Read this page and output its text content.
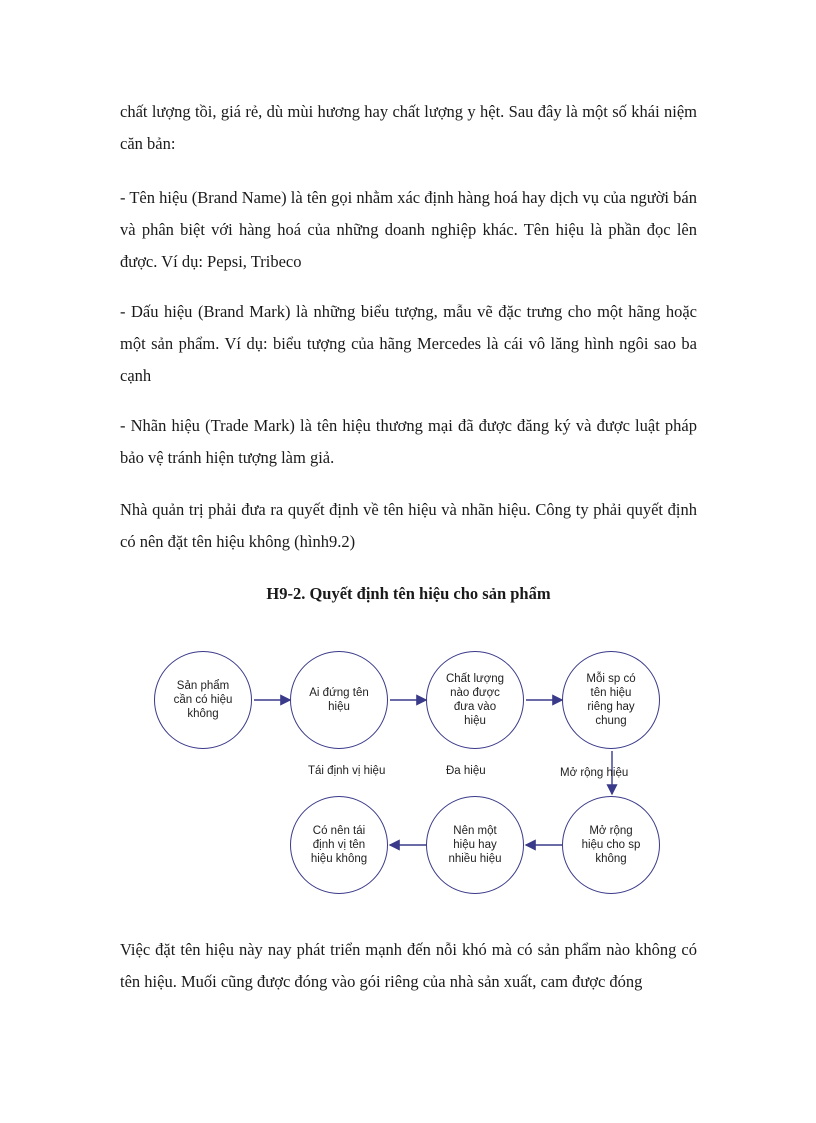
chất lượng tồi, giá rẻ, dù mùi hương hay chất lượng y hệt. Sau đây là một số khái niệm căn bản:

- Tên hiệu (Brand Name) là tên gọi nhằm xác định hàng hoá hay dịch vụ của người bán và phân biệt với hàng hoá của những doanh nghiệp khác. Tên hiệu là phần đọc lên được. Ví dụ: Pepsi, Tribeco

- Dấu hiệu (Brand Mark) là những biểu tượng, mẫu vẽ đặc trưng cho một hãng hoặc một sản phẩm. Ví dụ: biểu tượng của hãng Mercedes là cái vô lăng hình ngôi sao ba cạnh

- Nhãn hiệu (Trade Mark) là tên hiệu thương mại đã được đăng ký và được luật pháp bảo vệ tránh hiện tượng làm giả.

Nhà quản trị phải đưa ra quyết định về tên hiệu và nhãn hiệu. Công ty phải quyết định có nên đặt tên hiệu không (hình9.2)

H9-2. Quyết định tên hiệu cho sản phẩm

Sản phẩm cần có hiệu không
Ai đứng tên hiệu
Chất lượng nào được đưa vào hiệu
Mỗi sp có tên hiệu riêng hay chung
Mở rộng hiệu cho sp không
Nên một hiệu hay nhiều hiệu
Có nên tái định vị tên hiệu không
Tái định vị hiệu	Đa hiệu	Mở rộng hiệu

Việc đặt tên hiệu này nay phát triển mạnh đến nỗi khó mà có sản phẩm nào không có tên hiệu. Muối cũng được đóng vào gói riêng của nhà sản xuất, cam được đóng
